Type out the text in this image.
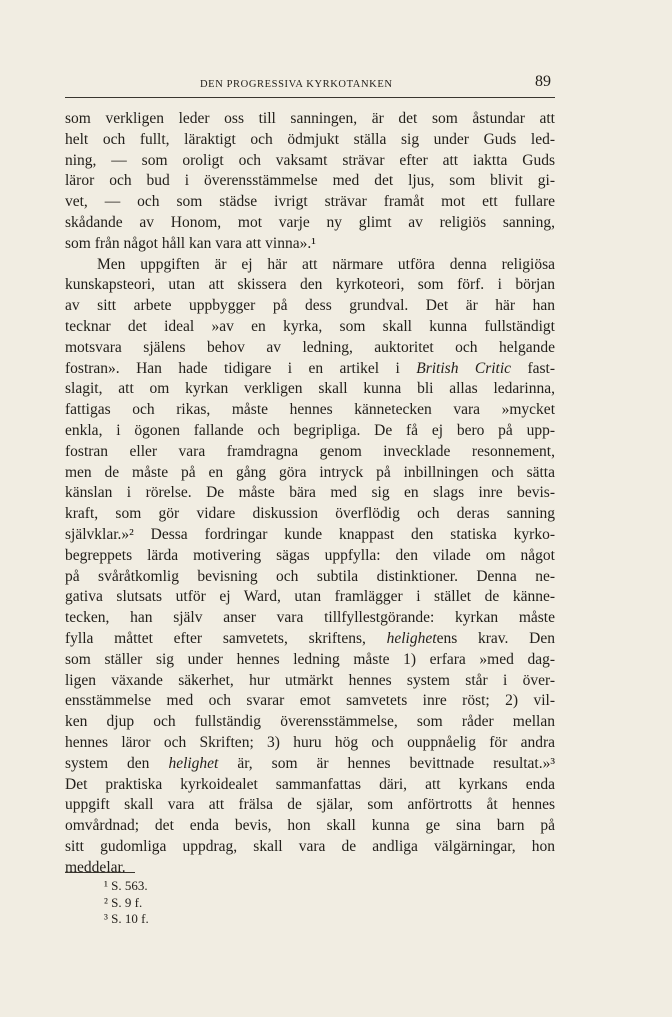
DEN PROGRESSIVA KYRKOTANKEN	89
som verkligen leder oss till sanningen, är det som åstundar att
helt och fullt, läraktigt och ödmjukt ställa sig under Guds led-
ning, — som oroligt och vaksamt strävar efter att iaktta Guds
läror och bud i överensstämmelse med det ljus, som blivit gi-
vet, — och som städse ivrigt strävar framåt mot ett fullare
skådande av Honom, mot varje ny glimt av religiös sanning,
som från något håll kan vara att vinna».¹
Men uppgiften är ej här att närmare utföra denna religiösa
kunskapsteori, utan att skissera den kyrkoteori, som förf. i början
av sitt arbete uppbygger på dess grundval. Det är här han
tecknar det ideal »av en kyrka, som skall kunna fullständigt
motsvara själens behov av ledning, auktoritet och helgande
fostran». Han hade tidigare i en artikel i British Critic fast-
slagit, att om kyrkan verkligen skall kunna bli allas ledarinna,
fattigas och rikas, måste hennes kännetecken vara »mycket
enkla, i ögonen fallande och begripliga. De få ej bero på upp-
fostran eller vara framdragna genom invecklade resonnement,
men de måste på en gång göra intryck på inbillningen och sätta
känslan i rörelse. De måste bära med sig en slags inre bevis-
kraft, som gör vidare diskussion överflödig och deras sanning
självklar.»² Dessa fordringar kunde knappast den statiska kyrko-
begreppets lärda motivering sägas uppfylla: den vilade om något
på svåråtkomlig bevisning och subtila distinktioner. Denna ne-
gativa slutsats utför ej Ward, utan framlägger i stället de känne-
tecken, han själv anser vara tillfyllestgörande: kyrkan måste
fylla måttet efter samvetets, skriftens, helighetens krav. Den
som ställer sig under hennes ledning måste 1) erfara »med dag-
ligen växande säkerhet, hur utmärkt hennes system står i över-
ensstämmelse med och svarar emot samvetets inre röst; 2) vil-
ken djup och fullständig överensstämmelse, som råder mellan
hennes läror och Skriften; 3) huru hög och ouppnåelig för andra
system den helighet är, som är hennes bevittnade resultat.»³
Det praktiska kyrkoidealet sammanfattas däri, att kyrkans enda
uppgift skall vara att frälsa de själar, som anförtrotts åt hennes
omvårdnad; det enda bevis, hon skall kunna ge sina barn på
sitt gudomliga uppdrag, skall vara de andliga välgärningar, hon
meddelar.
¹ S. 563.
² S. 9 f.
³ S. 10 f.
